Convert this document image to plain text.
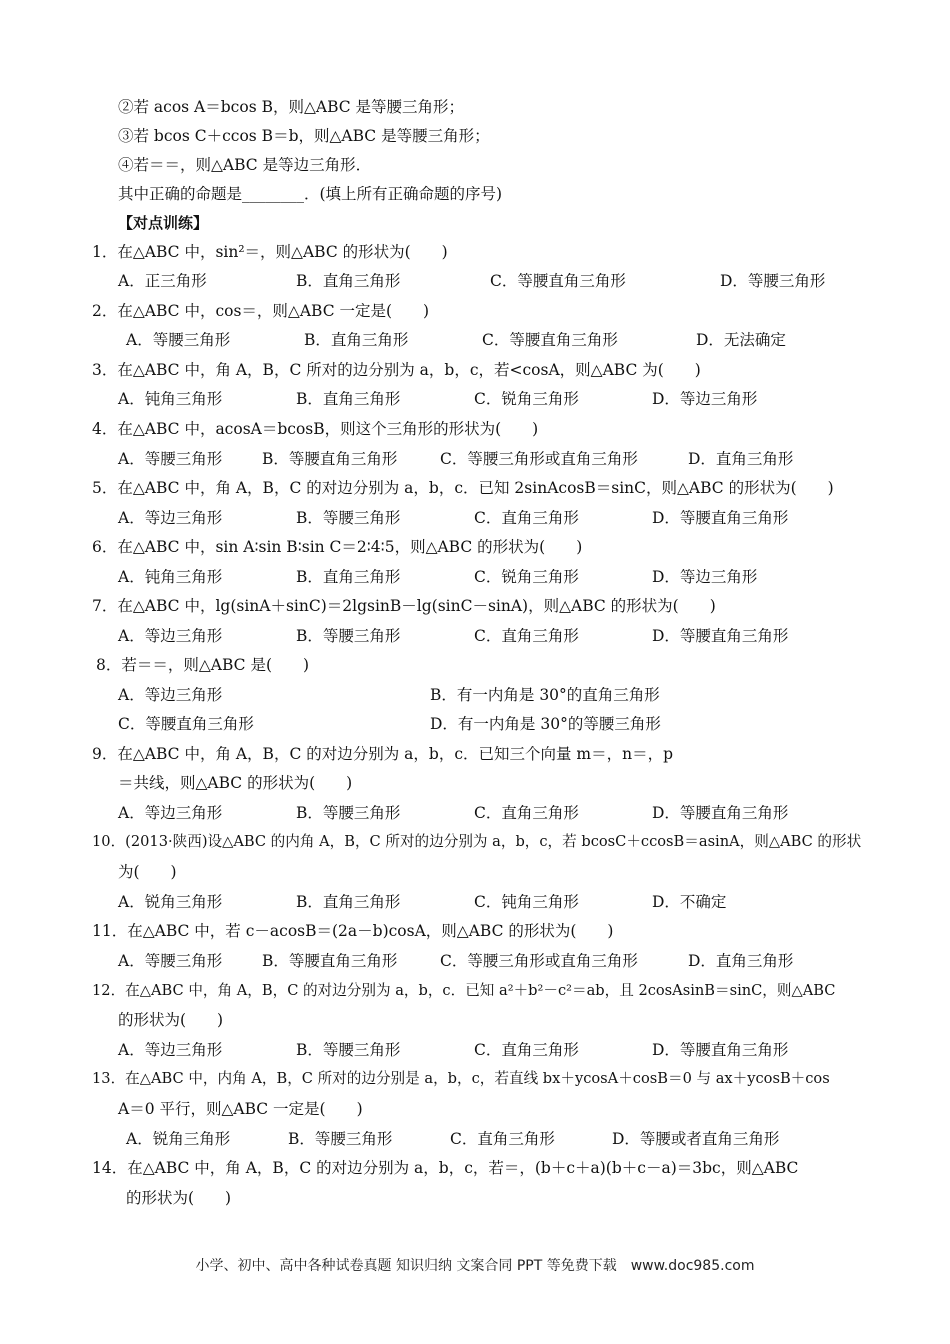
②若 acos A＝bcos B，则△ABC 是等腰三角形；
③若 bcos C＋ccos B＝b，则△ABC 是等腰三角形；
④若＝＝，则△ABC 是等边三角形．
其中正确的命题是________．(填上所有正确命题的序号)
【对点训练】
1．在△ABC 中，sin²＝，则△ABC 的形状为(　　)
A．正三角形	B．直角三角形	C．等腰直角三角形	D．等腰三角形
2．在△ABC 中，cos＝，则△ABC 一定是(　　)
A．等腰三角形	B．直角三角形	C．等腰直角三角形	D．无法确定
3．在△ABC 中，角 A，B，C 所对的边分别为 a，b，c，若<cosA，则△ABC 为(　　)
A．钝角三角形	B．直角三角形	C．锐角三角形	D．等边三角形
4．在△ABC 中，acosA＝bcosB，则这个三角形的形状为(　　)
A．等腰三角形	B．等腰直角三角形	C．等腰三角形或直角三角形	D．直角三角形
5．在△ABC 中，角 A，B，C 的对边分别为 a，b，c．已知 2sinAcosB＝sinC，则△ABC 的形状为(　　)
A．等边三角形	B．等腰三角形	C．直角三角形	D．等腰直角三角形
6．在△ABC 中，sin A∶sin B∶sin C＝2∶4∶5，则△ABC 的形状为(　　)
A．钝角三角形	B．直角三角形	C．锐角三角形	D．等边三角形
7．在△ABC 中，lg(sinA＋sinC)＝2lgsinB－lg(sinC－sinA)，则△ABC 的形状为(　　)
A．等边三角形	B．等腰三角形	C．直角三角形	D．等腰直角三角形
8．若＝＝，则△ABC 是(　　)
A．等边三角形	B．有一内角是 30°的直角三角形
C．等腰直角三角形	D．有一内角是 30°的等腰三角形
9．在△ABC 中，角 A，B，C 的对边分别为 a，b，c．已知三个向量 m＝，n＝，p
＝共线，则△ABC 的形状为(　　)
A．等边三角形	B．等腰三角形	C．直角三角形	D．等腰直角三角形
10．(2013·陕西)设△ABC 的内角 A，B，C 所对的边分别为 a，b，c，若 bcosC＋ccosB＝asinA，则△ABC 的形状
为(　　)
A．锐角三角形	B．直角三角形	C．钝角三角形	D．不确定
11．在△ABC 中，若 c－acosB＝(2a－b)cosA，则△ABC 的形状为(　　)
A．等腰三角形	B．等腰直角三角形	C．等腰三角形或直角三角形	D．直角三角形
12．在△ABC 中，角 A，B，C 的对边分别为 a，b，c．已知 a²＋b²－c²＝ab，且 2cosAsinB＝sinC，则△ABC
的形状为(　　)
A．等边三角形	B．等腰三角形	C．直角三角形	D．等腰直角三角形
13．在△ABC 中，内角 A，B，C 所对的边分别是 a，b，c，若直线 bx＋ycosA＋cosB＝0 与 ax＋ycosB＋cos
A＝0 平行，则△ABC 一定是(　　)
A．锐角三角形	B．等腰三角形	C．直角三角形	D．等腰或者直角三角形
14．在△ABC 中，角 A，B，C 的对边分别为 a，b，c，若＝，(b＋c＋a)(b＋c－a)＝3bc，则△ABC
的形状为(　　)
小学、初中、高中各种试卷真题 知识归纳 文案合同 PPT 等免费下载　www.doc985.com
